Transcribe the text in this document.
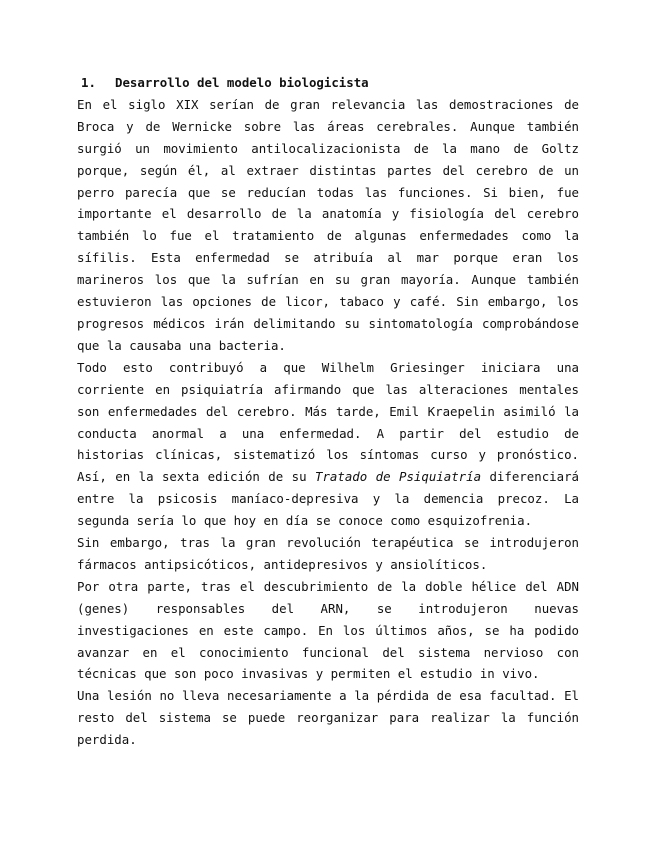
1. Desarrollo del modelo biologicista

En el siglo XIX serían de gran relevancia las demostraciones de Broca y de Wernicke sobre las áreas cerebrales. Aunque también surgió un movimiento antilocalizacionista de la mano de Goltz porque, según él, al extraer distintas partes del cerebro de un perro parecía que se reducían todas las funciones. Si bien, fue importante el desarrollo de la anatomía y fisiología del cerebro también lo fue el tratamiento de algunas enfermedades como la sífilis. Esta enfermedad se atribuía al mar porque eran los marineros los que la sufrían en su gran mayoría. Aunque también estuvieron las opciones de licor, tabaco y café. Sin embargo, los progresos médicos irán delimitando su sintomatología comprobándose que la causaba una bacteria.

Todo esto contribuyó a que Wilhelm Griesinger iniciara una corriente en psiquiatría afirmando que las alteraciones mentales son enfermedades del cerebro. Más tarde, Emil Kraepelin asimiló la conducta anormal a una enfermedad. A partir del estudio de historias clínicas, sistematizó los síntomas curso y pronóstico. Así, en la sexta edición de su Tratado de Psiquiatría diferenciará entre la psicosis maníaco-depresiva y la demencia precoz. La segunda sería lo que hoy en día se conoce como esquizofrenia.

Sin embargo, tras la gran revolución terapéutica se introdujeron fármacos antipsicóticos, antidepresivos y ansiolíticos.

Por otra parte, tras el descubrimiento de la doble hélice del ADN (genes) responsables del ARN, se introdujeron nuevas investigaciones en este campo. En los últimos años, se ha podido avanzar en el conocimiento funcional del sistema nervioso con técnicas que son poco invasivas y permiten el estudio in vivo.

Una lesión no lleva necesariamente a la pérdida de esa facultad. El resto del sistema se puede reorganizar para realizar la función perdida.
